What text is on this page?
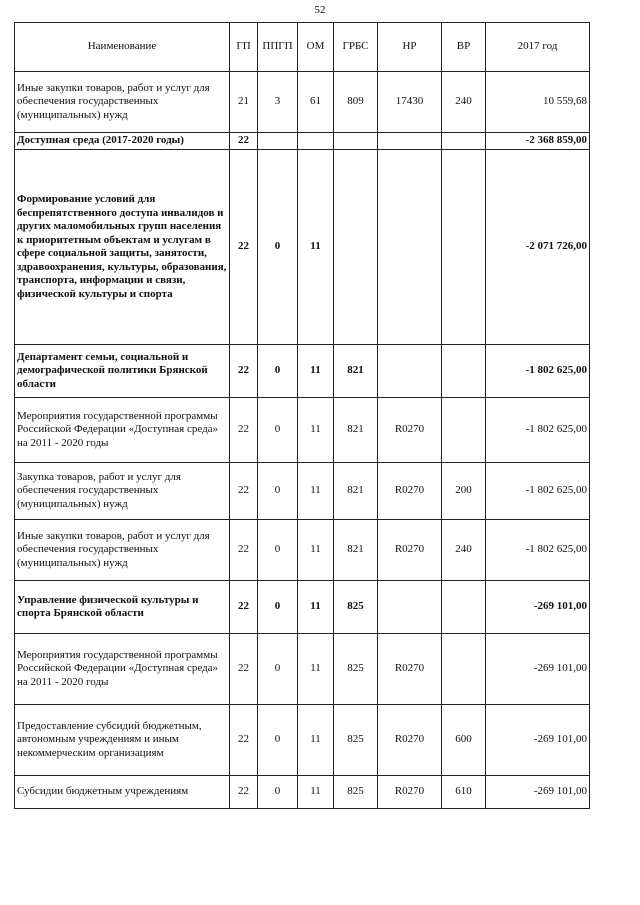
52
Наименование	ГП	ППГП	ОМ	ГРБС	НР	ВР	2017 год
Иные закупки товаров, работ и услуг для обеспечения государственных (муниципальных) нужд	21	3	61	809	17430	240	10 559,68
Доступная среда (2017-2020 годы)	22						-2 368 859,00
Формирование условий для беспрепятственного доступа инвалидов и других маломобильных групп населения к приоритетным объектам и услугам в сфере социальной защиты, занятости, здравоохранения, культуры, образования, транспорта, информации и связи, физической культуры и спорта	22	0	11				-2 071 726,00
Департамент семьи, социальной и демографической политики Брянской области	22	0	11	821			-1 802 625,00
Мероприятия государственной программы Российской Федерации «Доступная среда» на 2011 - 2020 годы	22	0	11	821	R0270		-1 802 625,00
Закупка товаров, работ и услуг для обеспечения государственных (муниципальных) нужд	22	0	11	821	R0270	200	-1 802 625,00
Иные закупки товаров, работ и услуг для обеспечения государственных (муниципальных) нужд	22	0	11	821	R0270	240	-1 802 625,00
Управление физической культуры и спорта Брянской области	22	0	11	825			-269 101,00
Мероприятия государственной программы Российской Федерации «Доступная среда» на 2011 - 2020 годы	22	0	11	825	R0270		-269 101,00
Предоставление субсидий бюджетным, автономным учреждениям и иным некоммерческим организациям	22	0	11	825	R0270	600	-269 101,00
Субсидии бюджетным учреждениям	22	0	11	825	R0270	610	-269 101,00
